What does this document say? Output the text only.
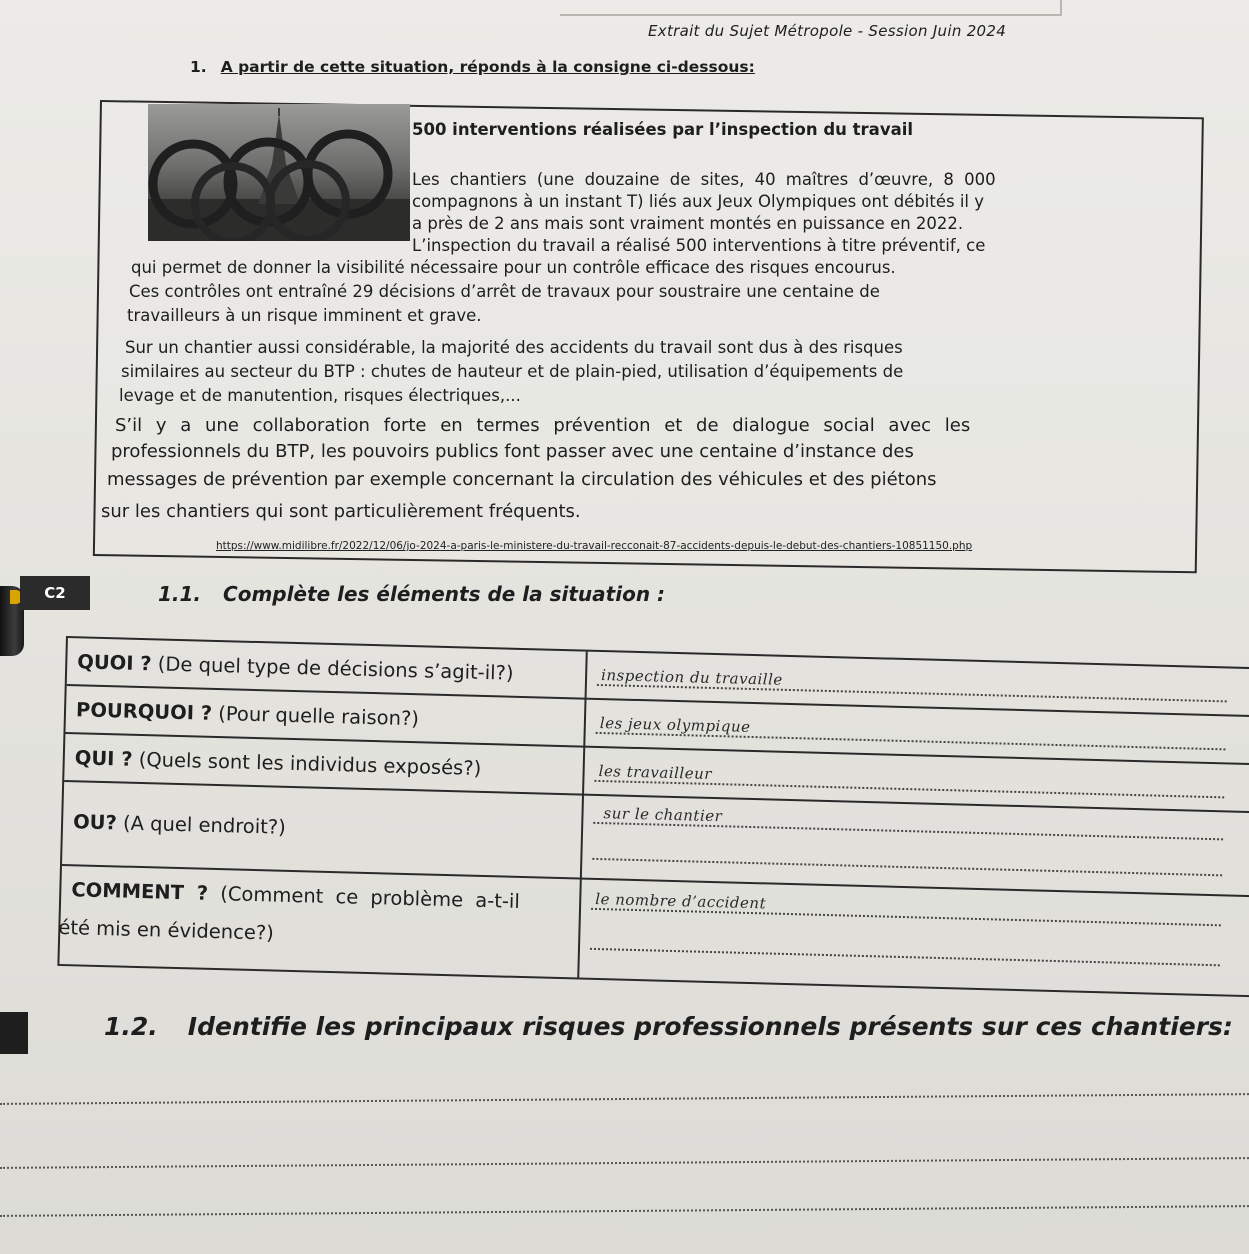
Extrait du Sujet Métropole - Session Juin 2024
1. A partir de cette situation, réponds à la consigne ci-dessous:
500 interventions réalisées par l’inspection du travail
Les chantiers (une douzaine de sites, 40 maîtres d’œuvre, 8 000
compagnons à un instant T) liés aux Jeux Olympiques ont débités il y
a près de 2 ans mais sont vraiment montés en puissance en 2022.
L’inspection du travail a réalisé 500 interventions à titre préventif, ce
qui permet de donner la visibilité nécessaire pour un contrôle efficace des risques encourus.
Ces contrôles ont entraîné 29 décisions d’arrêt de travaux pour soustraire une centaine de
travailleurs à un risque imminent et grave.
Sur un chantier aussi considérable, la majorité des accidents du travail sont dus à des risques
similaires au secteur du BTP : chutes de hauteur et de plain-pied, utilisation d’équipements de
levage et de manutention, risques électriques,...
S’il y a une collaboration forte en termes prévention et de dialogue social avec les
professionnels du BTP, les pouvoirs publics font passer avec une centaine d’instance des
messages de prévention par exemple concernant la circulation des véhicules et des piétons
sur les chantiers qui sont particulièrement fréquents.
https://www.midilibre.fr/2022/12/06/jo-2024-a-paris-le-ministere-du-travail-recconait-87-accidents-depuis-le-debut-des-chantiers-10851150.php
C2	1.1. Complète les éléments de la situation :
QUOI ? (De quel type de décisions s’agit-il?)
POURQUOI ? (Pour quelle raison?)
QUI ? (Quels sont les individus exposés?)
OU? (A quel endroit?)
COMMENT ? (Comment ce problème a-t-il
été mis en évidence?)
inspection du travaille
les jeux olympique
les travailleur
sur le chantier
le nombre d’accident
1.2. Identifie les principaux risques professionnels présents sur ces chantiers:
